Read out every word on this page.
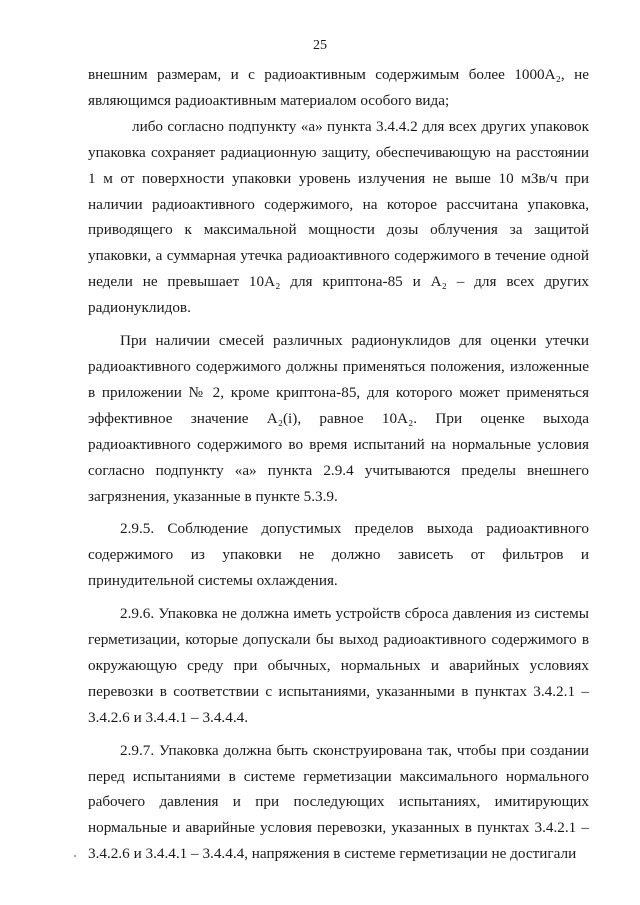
25

внешним размерам, и с радиоактивным содержимым более 1000A₂, не являющимся радиоактивным материалом особого вида;

либо согласно подпункту «а» пункта 3.4.4.2 для всех других упаковок упаковка сохраняет радиационную защиту, обеспечивающую на расстоянии 1 м от поверхности упаковки уровень излучения не выше 10 мЗв/ч при наличии радиоактивного содержимого, на которое рассчитана упаковка, приводящего к максимальной мощности дозы облучения за защитой упаковки, а суммарная утечка радиоактивного содержимого в течение одной недели не превышает 10A₂ для криптона-85 и A₂ – для всех других радионуклидов.

При наличии смесей различных радионуклидов для оценки утечки радиоактивного содержимого должны применяться положения, изложенные в приложении № 2, кроме криптона-85, для которого может применяться эффективное значение A₂(i), равное 10A₂. При оценке выхода радиоактивного содержимого во время испытаний на нормальные условия согласно подпункту «а» пункта 2.9.4 учитываются пределы внешнего загрязнения, указанные в пункте 5.3.9.

2.9.5. Соблюдение допустимых пределов выхода радиоактивного содержимого из упаковки не должно зависеть от фильтров и принудительной системы охлаждения.

2.9.6. Упаковка не должна иметь устройств сброса давления из системы герметизации, которые допускали бы выход радиоактивного содержимого в окружающую среду при обычных, нормальных и аварийных условиях перевозки в соответствии с испытаниями, указанными в пунктах 3.4.2.1 – 3.4.2.6 и 3.4.4.1 – 3.4.4.4.

2.9.7. Упаковка должна быть сконструирована так, чтобы при создании перед испытаниями в системе герметизации максимального нормального рабочего давления и при последующих испытаниях, имитирующих нормальные и аварийные условия перевозки, указанных в пунктах 3.4.2.1 – 3.4.2.6 и 3.4.4.1 – 3.4.4.4, напряжения в системе герметизации не достигали
